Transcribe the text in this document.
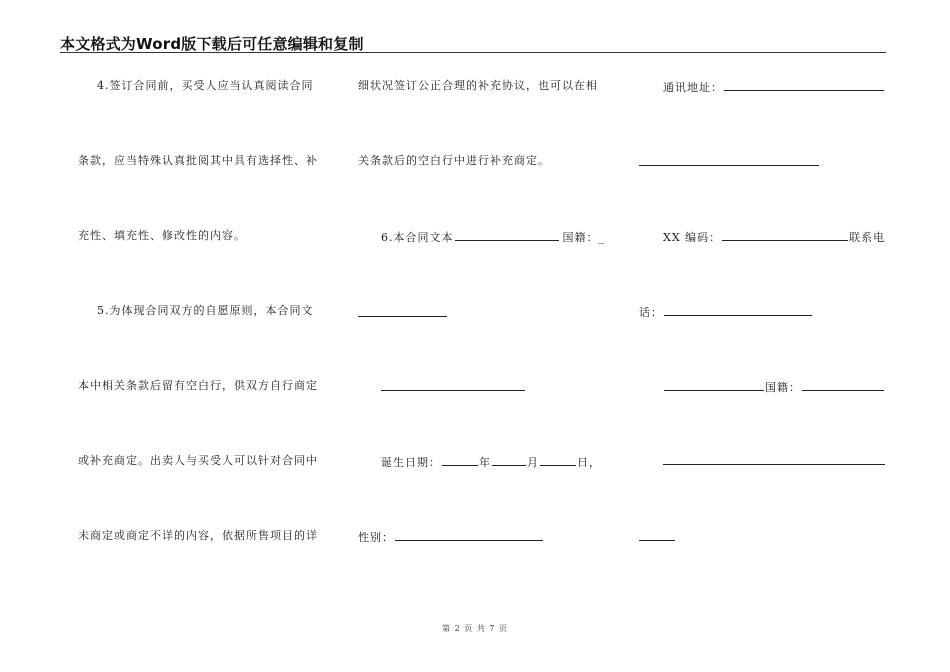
本文格式为Word版下载后可任意编辑和复制
4.签订合同前，买受人应当认真阅读合同
条款，应当特殊认真批阅其中具有选择性、补
充性、填充性、修改性的内容。
5.为体现合同双方的自愿原则，本合同文
本中相关条款后留有空白行，供双方自行商定
或补充商定。出卖人与买受人可以针对合同中
未商定或商定不详的内容，依据所售项目的详
细状况签订公正合理的补充协议，也可以在相
关条款后的空白行中进行补充商定。
6.本合同文本	国籍：_
诞生日期：	年	月	日，
性别：
通讯地址：
XX 编码：	联系电
话：
国籍：
第 2 页 共 7 页
